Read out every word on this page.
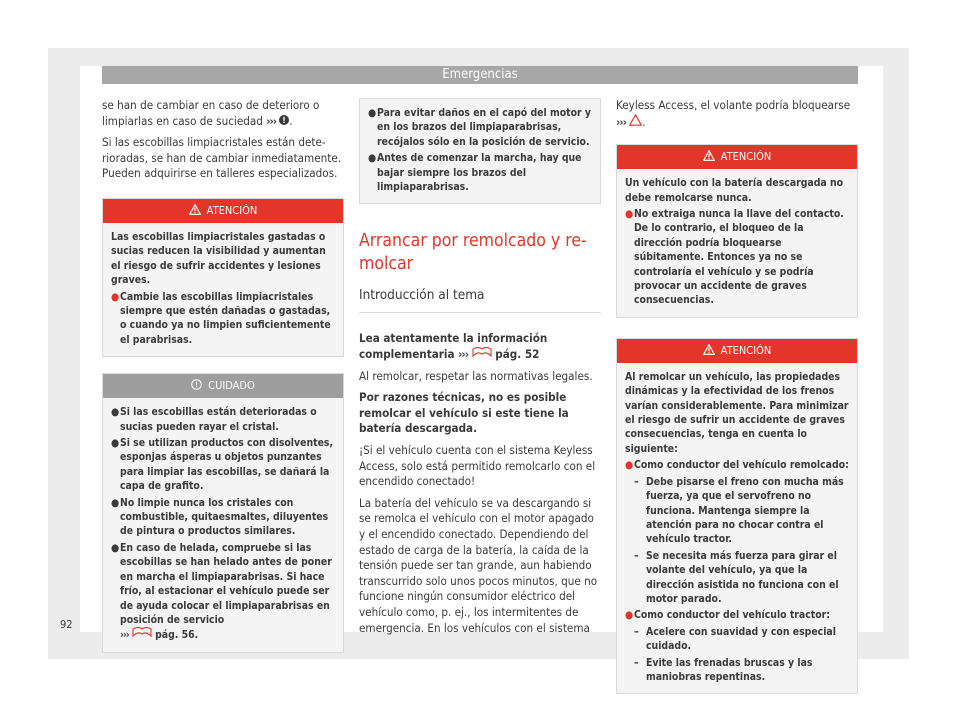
Emergencias

se han de cambiar en caso de deterioro o limpiarlas en caso de suciedad ››› .

Si las escobillas limpiacristales están deterioradas, se han de cambiar inmediatamente. Pueden adquirirse en talleres especializados.

ATENCIÓN

Las escobillas limpiacristales gastadas o sucias reducen la visibilidad y aumentan el riesgo de sufrir accidentes y lesiones graves.

● Cambie las escobillas limpiacristales siempre que estén dañadas o gastadas, o cuando ya no limpien suficientemente el parabrisas.
CUIDADO
● Si las escobillas están deterioradas o sucias pueden rayar el cristal.
● Si se utilizan productos con disolventes, esponjas ásperas u objetos punzantes para limpiar las escobillas, se dañará la capa de grafito.
● No limpie nunca los cristales con combustible, quitaesmaltes, diluyentes de pintura o productos similares.
● En caso de helada, compruebe si las escobillas se han helado antes de poner en marcha el limpiaparabrisas. Si hace frío, al estacionar el vehículo puede ser de ayuda colocar el limpiaparabrisas en posición de servicio
›››	pág. 56.
● Para evitar daños en el capó del motor y en los brazos del limpiaparabrisas, recójalos sólo en la posición de servicio.
● Antes de comenzar la marcha, hay que bajar siempre los brazos del limpiaparabrisas.
Arrancar por remolcado y remolcar
Introducción al tema

Lea atentamente la información complementaria ››› pág. 52

Al remolcar, respetar las normativas legales.

Por razones técnicas, no es posible remolcar el vehículo si este tiene la batería descargada.

¡Si el vehículo cuenta con el sistema Keyless Access, solo está permitido remolcarlo con el encendido conectado!

La batería del vehículo se va descargando si se remolca el vehículo con el motor apagado y el encendido conectado. Dependiendo del estado de carga de la batería, la caída de la tensión puede ser tan grande, aun habiendo transcurrido solo unos pocos minutos, que no funcione ningún consumidor eléctrico del vehículo como, p. ej., los intermitentes de emergencia. En los vehículos con el sistema

Keyless Access, el volante podría bloquearse ››› .

ATENCIÓN

Un vehículo con la batería descargada no debe remolcarse nunca.

● No extraiga nunca la llave del contacto. De lo contrario, el bloqueo de la dirección podría bloquearse súbitamente. Entonces ya no se controlaría el vehículo y se podría provocar un accidente de graves consecuencias.
ATENCIÓN

Al remolcar un vehículo, las propiedades dinámicas y la efectividad de los frenos varían considerablemente. Para minimizar el riesgo de sufrir un accidente de graves consecuencias, tenga en cuenta lo siguiente:

● Como conductor del vehículo remolcado:
– Debe pisarse el freno con mucha más fuerza, ya que el servofreno no funciona. Mantenga siempre la atención para no chocar contra el vehículo tractor.
– Se necesita más fuerza para girar el volante del vehículo, ya que la dirección asistida no funciona con el motor parado.
● Como conductor del vehículo tractor:
– Acelere con suavidad y con especial cuidado.
– Evite las frenadas bruscas y las maniobras repentinas.
92
